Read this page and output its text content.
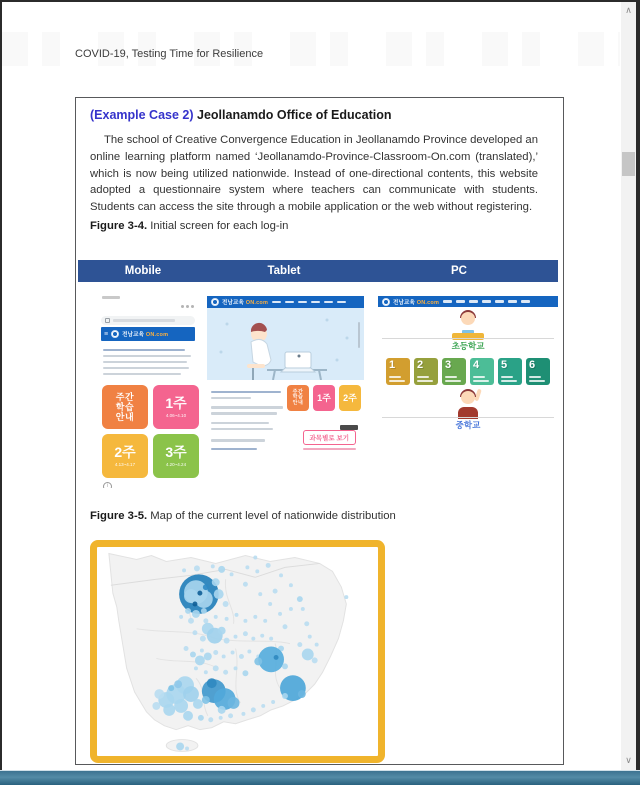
∧
∨
COVID-19, Testing Time for Resilience
(Example Case 2) Jeollanamdo Office of Education
The school of Creative Convergence Education in Jeollanamdo Province developed an online learning platform named ‘Jeollanamdo-Province-Classroom-On.com (translated),’ which is now being utilized nationwide. Instead of one-directional contents, this website adopted a questionnaire system where teachers can communicate with students. Students can access the site through a mobile application or the web without registering.
Figure 3-4. Initial screen for each log-in
Mobile	Tablet	PC
≡	전남교육 ON.com
주간
학습
안내
1주
4.06~4.10
2주
4.13~4.17
3주
4.20~4.24
i
전남교육 ON.com
주간
학습
안내 1주 2주
과목별로 보기
전남교육 ON.com
초등학교
1 2 3 4 5 6
중학교
Figure 3-5. Map of the current level of nationwide distribution
